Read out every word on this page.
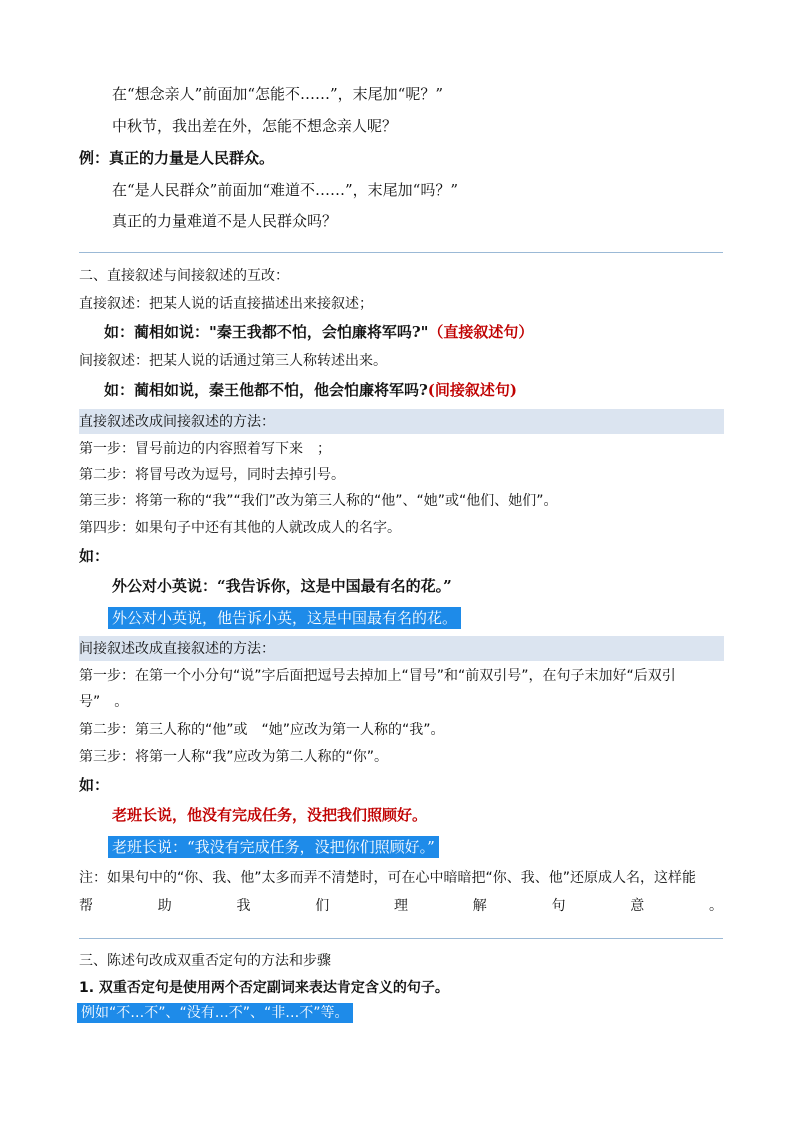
在“想念亲人”前面加“怎能不……”，末尾加“呢？”
中秋节，我出差在外，怎能不想念亲人呢？
例：真正的力量是人民群众。
在“是人民群众”前面加“难道不……”，末尾加“吗？”
真正的力量难道不是人民群众吗？
二、直接叙述与间接叙述的互改：
直接叙述：把某人说的话直接描述出来接叙述；
如：蔺相如说："秦王我都不怕，会怕廉将军吗?"（直接叙述句）
间接叙述：把某人说的话通过第三人称转述出来。
如：蔺相如说，秦王他都不怕，他会怕廉将军吗?(间接叙述句)
直接叙述改成间接叙述的方法：
第一步：冒号前边的内容照着写下来　；
第二步：将冒号改为逗号，同时去掉引号。
第三步：将第一称的“我”“我们”改为第三人称的“他”、“她”或“他们、她们”。
第四步：如果句子中还有其他的人就改成人的名字。
如：
外公对小英说：“我告诉你，这是中国最有名的花。”
外公对小英说，他告诉小英，这是中国最有名的花。
间接叙述改成直接叙述的方法：
第一步：在第一个小分句“说”字后面把逗号去掉加上“冒号”和“前双引号”，在句子末加好“后双引
号”　。
第二步：第三人称的“他”或　“她”应改为第一人称的“我”。
第三步：将第一人称“我”应改为第二人称的“你”。
如：
老班长说，他没有完成任务，没把我们照顾好。
老班长说：“我没有完成任务，没把你们照顾好。”
注：如果句中的“你、我、他”太多而弄不清楚时，可在心中暗暗把“你、我、他”还原成人名，这样能
帮　助　我　们　理　解　句　意　。
三、陈述句改成双重否定句的方法和步骤
1. 双重否定句是使用两个否定副词来表达肯定含义的句子。
例如“不…不”、“没有…不”、“非…不”等。
